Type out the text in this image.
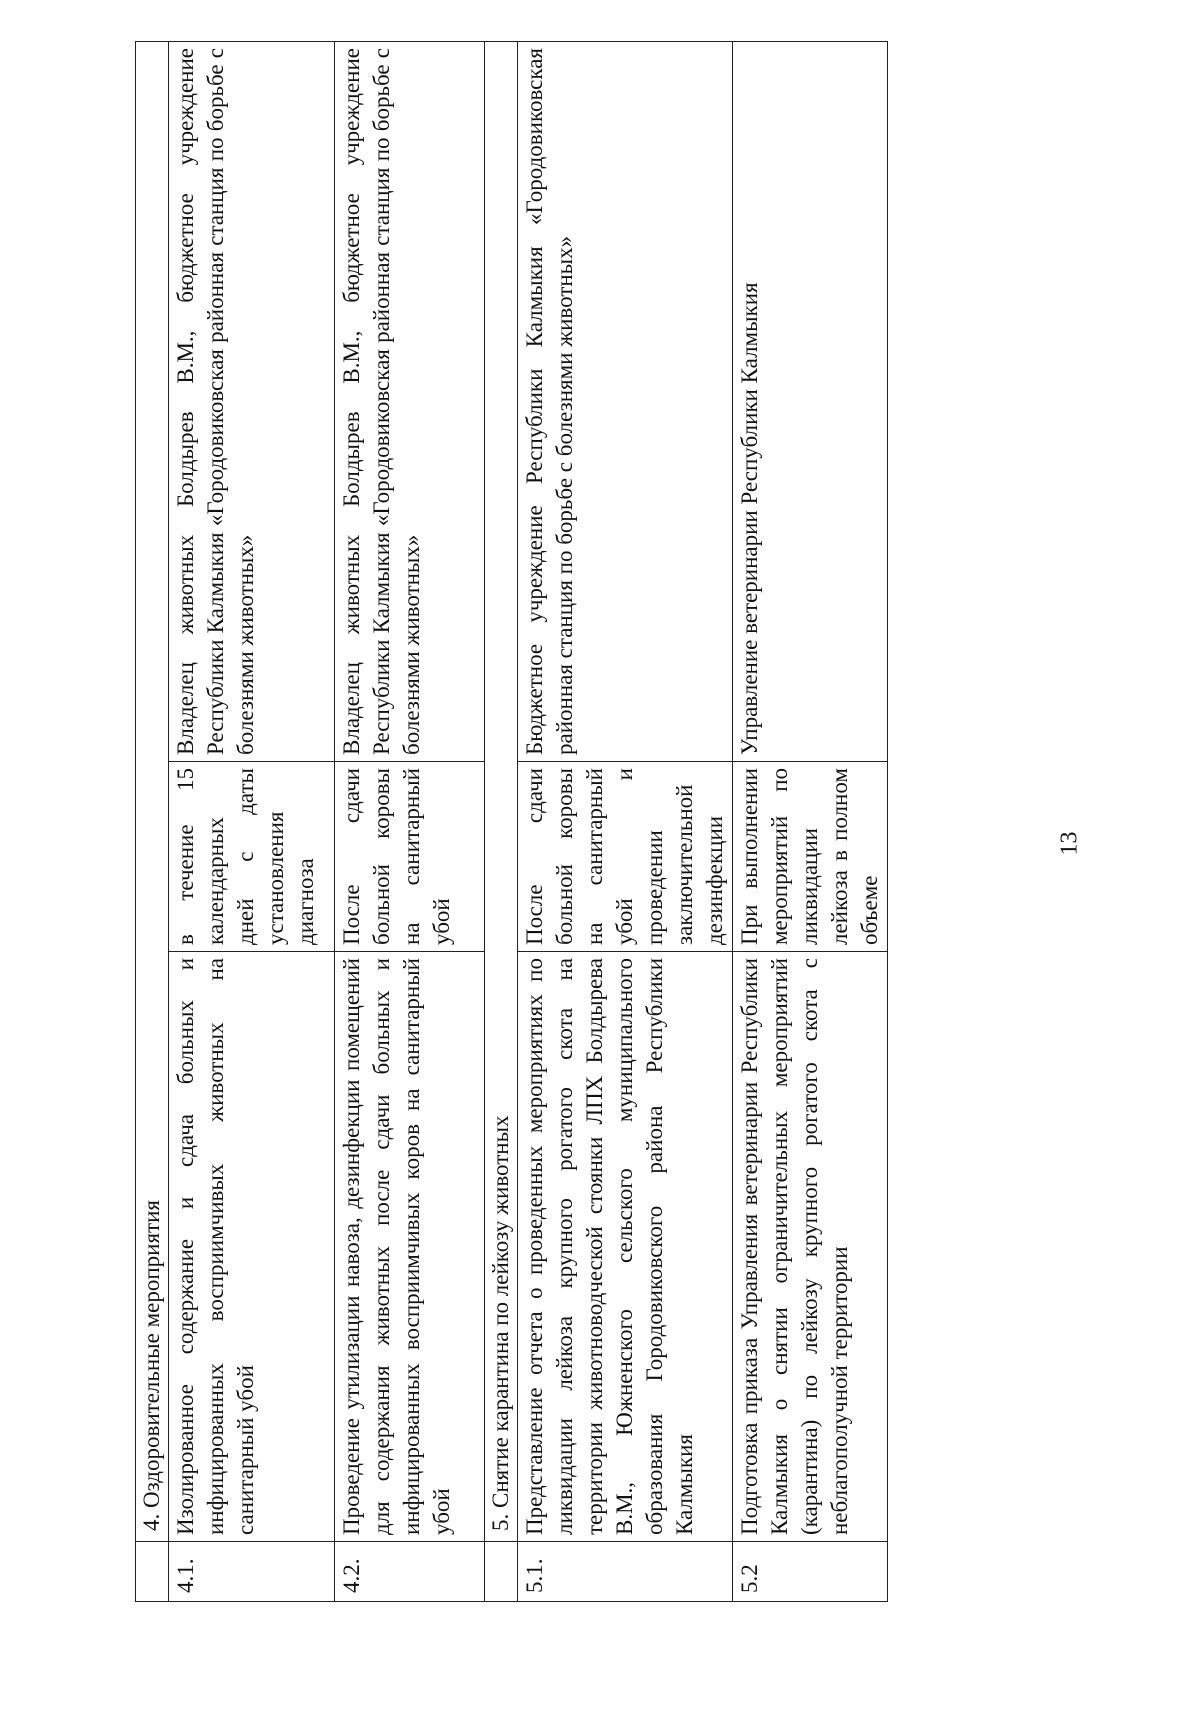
	4. Оздоровительные мероприятия		
4.1.	Изолированное содержание и сдача больных и инфицированных восприимчивых животных на санитарный убой	в течение 15 календарных дней с даты установления диагноза	Владелец животных Болдырев В.М., бюджетное учреждение Республики Калмыкия «Городовиковская районная станция по борьбе с болезнями животных»
4.2.	Проведение утилизации навоза, дезинфекции помещений для содержания животных после сдачи больных и инфицированных восприимчивых коров на санитарный убой	После сдачи больной коровы на санитарный убой	Владелец животных Болдырев В.М., бюджетное учреждение Республики Калмыкия «Городовиковская районная станция по борьбе с болезнями животных»
	5. Снятие карантина по лейкозу животных		
5.1.	Представление отчета о проведенных мероприятиях по ликвидации лейкоза крупного рогатого скота на территории животноводческой стоянки ЛПХ Болдырева В.М., Южненского сельского муниципального образования Городовиковского района Республики Калмыкия	После сдачи больной коровы на санитарный убой и проведении заключительной дезинфекции	Бюджетное учреждение Республики Калмыкия «Городовиковская районная станция по борьбе с болезнями животных»
5.2	Подготовка приказа Управления ветеринарии Республики Калмыкия о снятии ограничительных мероприятий (карантина) по лейкозу крупного рогатого скота с неблагополучной территории	При выполнении мероприятий по ликвидации лейкоза в полном объеме	Управление ветеринарии Республики Калмыкия
13
